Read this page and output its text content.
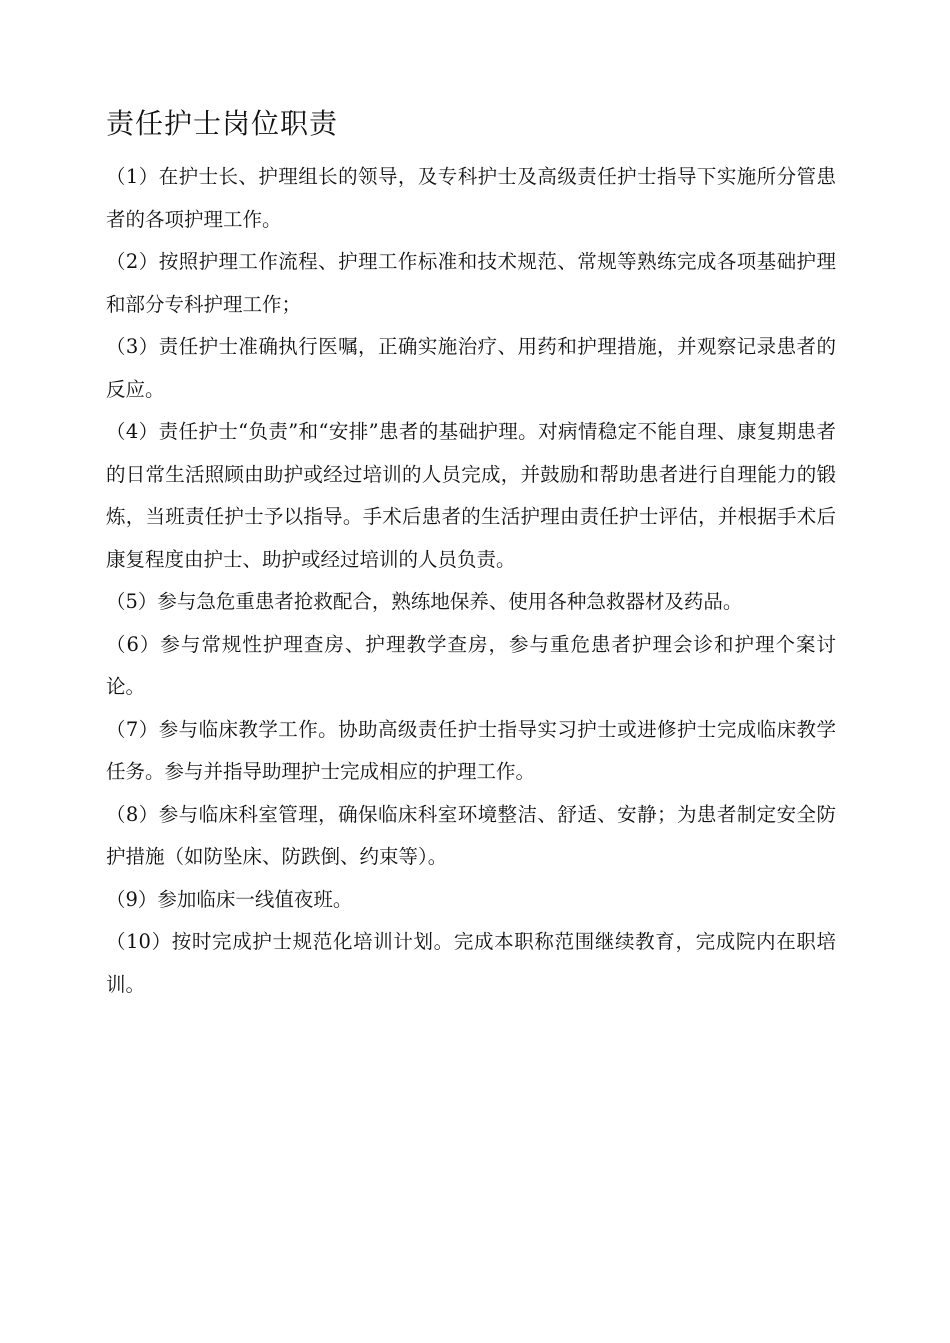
责任护士岗位职责

（1）在护士长、护理组长的领导，及专科护士及高级责任护士指导下实施所分管患者的各项护理工作。

（2）按照护理工作流程、护理工作标准和技术规范、常规等熟练完成各项基础护理和部分专科护理工作；

（3）责任护士准确执行医嘱，正确实施治疗、用药和护理措施，并观察记录患者的反应。

（4）责任护士“负责”和“安排”患者的基础护理。对病情稳定不能自理、康复期患者的日常生活照顾由助护或经过培训的人员完成，并鼓励和帮助患者进行自理能力的锻炼，当班责任护士予以指导。手术后患者的生活护理由责任护士评估，并根据手术后康复程度由护士、助护或经过培训的人员负责。

（5）参与急危重患者抢救配合，熟练地保养、使用各种急救器材及药品。

（6）参与常规性护理查房、护理教学查房，参与重危患者护理会诊和护理个案讨论。

（7）参与临床教学工作。协助高级责任护士指导实习护士或进修护士完成临床教学任务。参与并指导助理护士完成相应的护理工作。

（8）参与临床科室管理，确保临床科室环境整洁、舒适、安静；为患者制定安全防护措施（如防坠床、防跌倒、约束等）。

（9）参加临床一线值夜班。

（10）按时完成护士规范化培训计划。完成本职称范围继续教育，完成院内在职培训。
